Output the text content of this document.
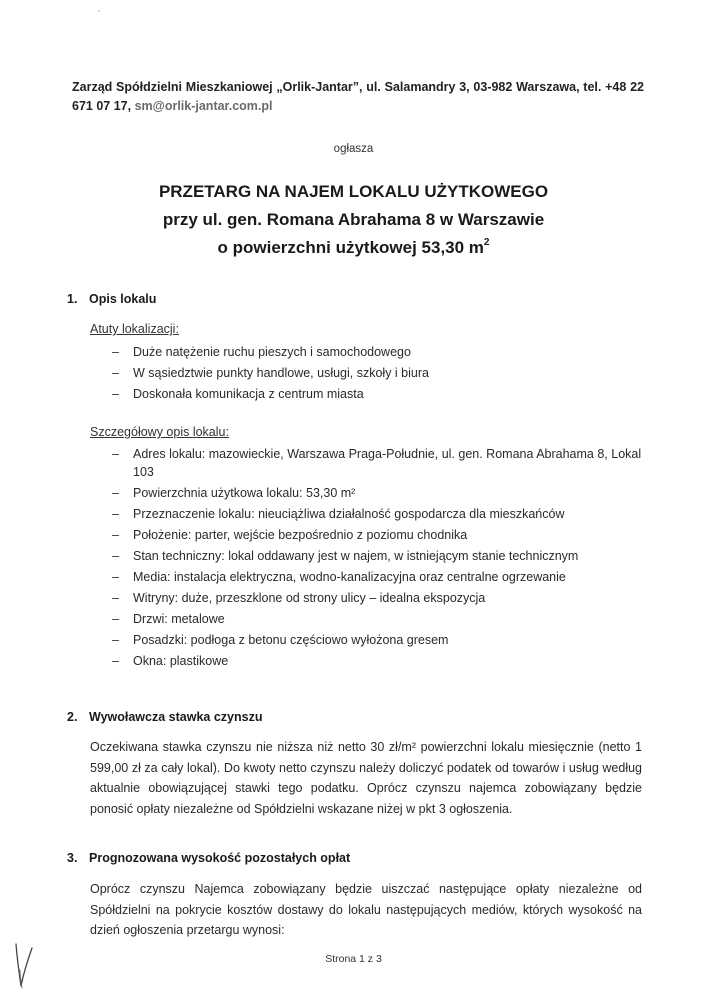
Zarząd Spółdzielni Mieszkaniowej „Orlik-Jantar”, ul. Salamandry 3, 03-982 Warszawa, tel. +48 22 671 07 17, sm@orlik-jantar.com.pl
ogłasza
PRZETARG NA NAJEM LOKALU UŻYTKOWEGO
przy ul. gen. Romana Abrahama 8 w Warszawie
o powierzchni użytkowej 53,30 $m^2$
1. Opis lokalu
Atuty lokalizacji:
– Duże natężenie ruchu pieszych i samochodowego
– W sąsiedztwie punkty handlowe, usługi, szkoły i biura
– Doskonała komunikacja z centrum miasta
Szczegółowy opis lokalu:
– Adres lokalu: mazowieckie, Warszawa Praga-Południe, ul. gen. Romana Abrahama 8, Lokal 103
– Powierzchnia użytkowa lokalu: 53,30 m²
– Przeznaczenie lokalu: nieuciążliwa działalność gospodarcza dla mieszkańców
– Położenie: parter, wejście bezpośrednio z poziomu chodnika
– Stan techniczny: lokal oddawany jest w najem, w istniejącym stanie technicznym
– Media: instalacja elektryczna, wodno-kanalizacyjna oraz centralne ogrzewanie
– Witryny: duże, przeszklone od strony ulicy – idealna ekspozycja
– Drzwi: metalowe
– Posadzki: podłoga z betonu częściowo wyłożona gresem
– Okna: plastikowe
2. Wywoławcza stawka czynszu

Oczekiwana stawka czynszu nie niższa niż netto 30 zł/m² powierzchni lokalu miesięcznie (netto 1 599,00 zł za cały lokal). Do kwoty netto czynszu należy doliczyć podatek od towarów i usług według aktualnie obowiązującej stawki tego podatku. Oprócz czynszu najemca zobowiązany będzie ponosić opłaty niezależne od Spółdzielni wskazane niżej w pkt 3 ogłoszenia.

3. Prognozowana wysokość pozostałych opłat

Oprócz czynszu Najemca zobowiązany będzie uiszczać następujące opłaty niezależne od Spółdzielni na pokrycie kosztów dostawy do lokalu następujących mediów, których wysokość na dzień ogłoszenia przetargu wynosi:

Strona 1 z 3
